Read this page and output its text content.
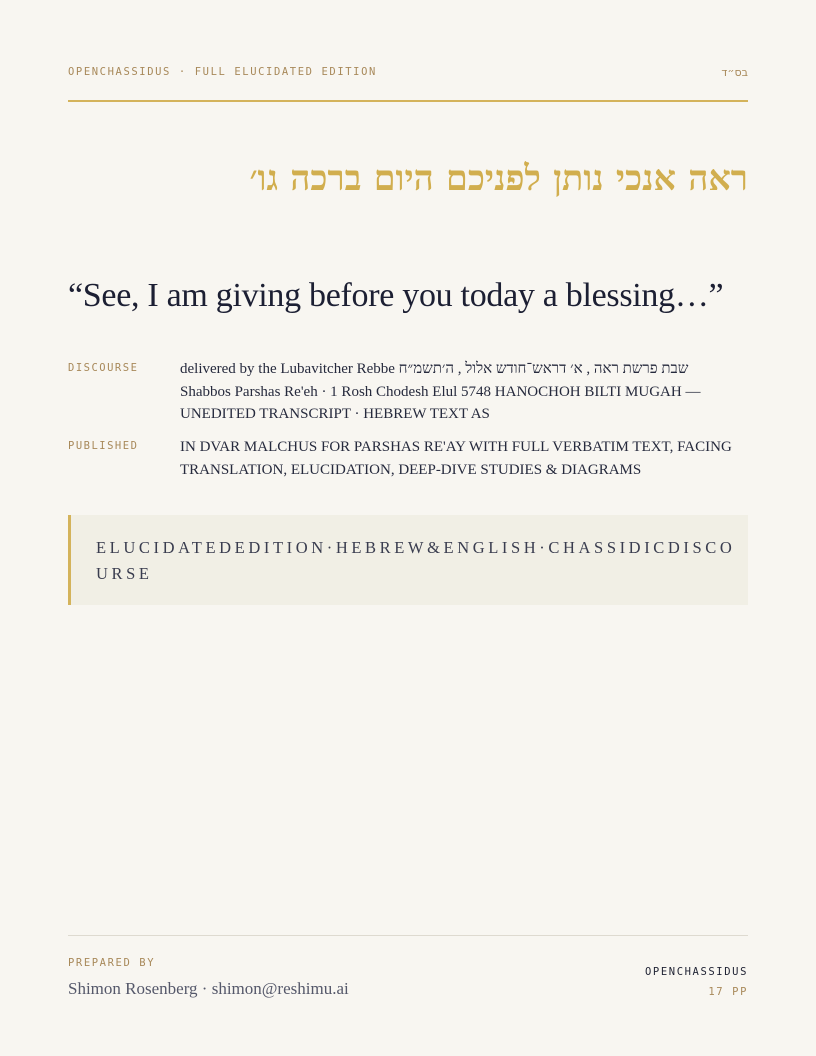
OPENCHASSIDUS · FULL ELUCIDATED EDITION	בס״ד
ראה אנכי נותן לפניכם היום ברכה גו׳
“See, I am giving before you today a blessing…”
DISCOURSE	delivered by the Lubavitcher Rebbe שבת פרשת ראה , א׳ דראש־חודש אלול , ה׳תשמ״ח Shabbos Parshas Re'eh · 1 Rosh Chodesh Elul 5748 HANOCHOH BILTI MUGAH — UNEDITED TRANSCRIPT · HEBREW TEXT AS
PUBLISHED	IN DVAR MALCHUS FOR PARSHAS RE'AY WITH FULL VERBATIM TEXT, FACING TRANSLATION, ELUCIDATION, DEEP-DIVE STUDIES & DIAGRAMS
ELUCIDATEDEDITION·HEBREW&ENGLISH·CHASSIDICDISCOURSE
PREPARED BY
Shimon Rosenberg · shimon@reshimu.ai
OPENCHASSIDUS
17 PP
